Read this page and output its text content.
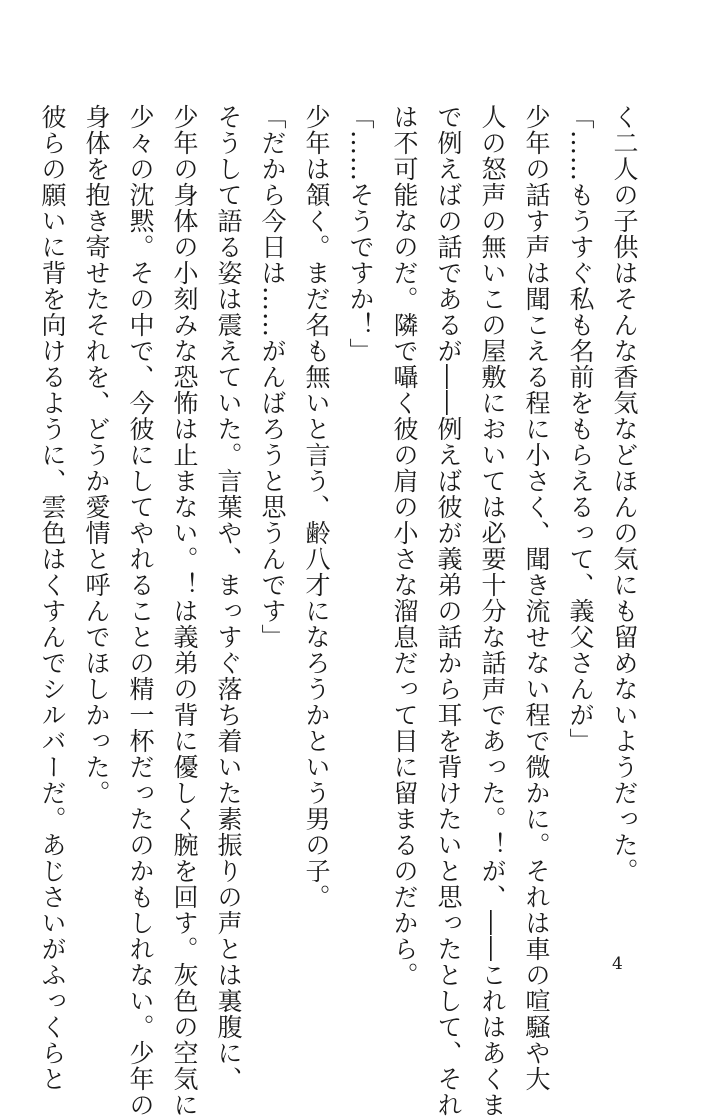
く二人の子供はそんな香気などほんの気にも留めないようだった。
「……もうすぐ私も名前をもらえるって、義父さんが」
少年の話す声は聞こえる程に小さく、聞き流せない程で微かに。それは車の喧騒や大
人の怒声の無いこの屋敷においては必要十分な話声であった。！が、――これはあくま
で例えばの話であるが――例えば彼が義弟の話から耳を背けたいと思ったとして、それ
は不可能なのだ。隣で囁く彼の肩の小さな溜息だって目に留まるのだから。
「……そうですか！」
少年は頷く。まだ名も無いと言う、齢八才になろうかという男の子。
「だから今日は……がんばろうと思うんです」
そうして語る姿は震えていた。言葉や、まっすぐ落ち着いた素振りの声とは裏腹に、
少年の身体の小刻みな恐怖は止まない。！は義弟の背に優しく腕を回す。灰色の空気に
少々の沈黙。その中で、今彼にしてやれることの精一杯だったのかもしれない。少年の
身体を抱き寄せたそれを、どうか愛情と呼んでほしかった。
彼らの願いに背を向けるように、雲色はくすんでシルバーだ。あじさいがふっくらと	4
